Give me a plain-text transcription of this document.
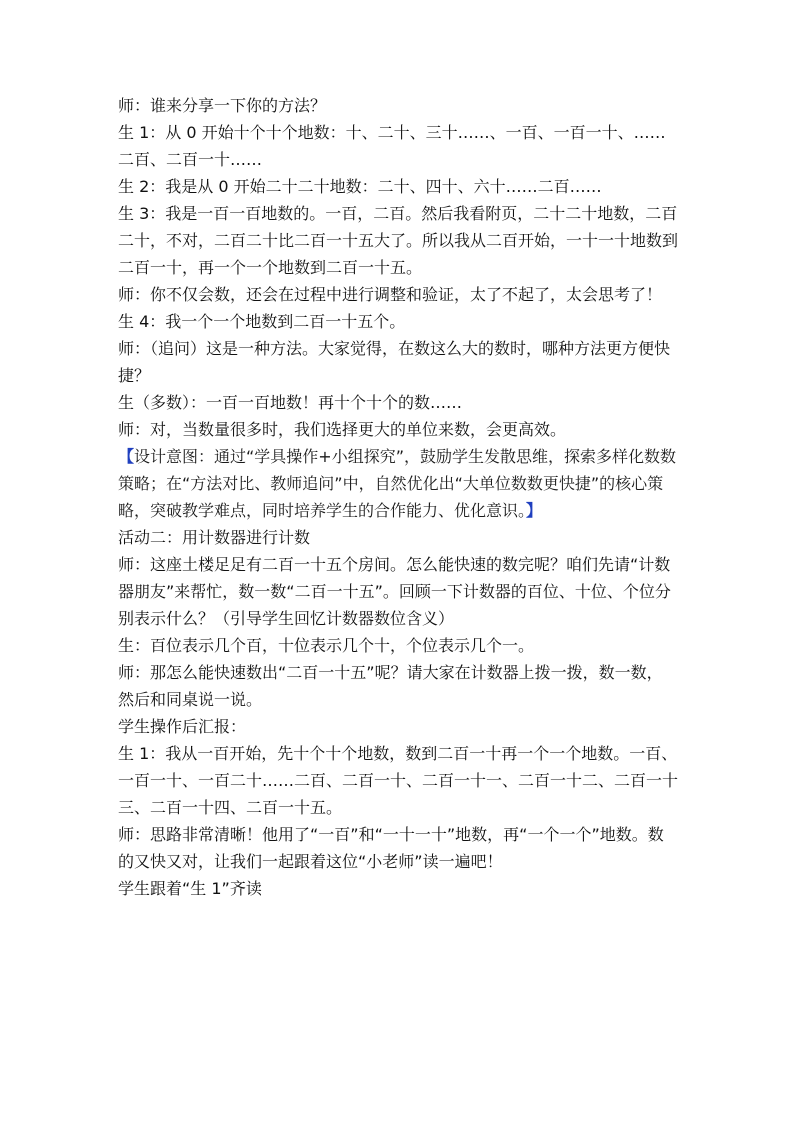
师：谁来分享一下你的方法？

生 1：从 0 开始十个十个地数：十、二十、三十……、一百、一百一十、……二百、二百一十……

生 2：我是从 0 开始二十二十地数：二十、四十、六十……二百……

生 3：我是一百一百地数的。一百，二百。然后我看附页，二十二十地数，二百二十，不对，二百二十比二百一十五大了。所以我从二百开始，一十一十地数到二百一十，再一个一个地数到二百一十五。

师：你不仅会数，还会在过程中进行调整和验证，太了不起了，太会思考了！

生 4：我一个一个地数到二百一十五个。

师：（追问）这是一种方法。大家觉得，在数这么大的数时，哪种方法更方便快捷？

生（多数）：一百一百地数！再十个十个的数……

师：对，当数量很多时，我们选择更大的单位来数，会更高效。

【设计意图：通过“学具操作+小组探究”，鼓励学生发散思维，探索多样化数数策略；在“方法对比、教师追问”中，自然优化出“大单位数数更快捷”的核心策略，突破教学难点，同时培养学生的合作能力、优化意识。】

活动二：用计数器进行计数

师：这座土楼足足有二百一十五个房间。怎么能快速的数完呢？咱们先请“计数器朋友”来帮忙，数一数“二百一十五”。回顾一下计数器的百位、十位、个位分别表示什么？（引导学生回忆计数器数位含义）

生：百位表示几个百，十位表示几个十，个位表示几个一。

师：那怎么能快速数出“二百一十五”呢？请大家在计数器上拨一拨，数一数，然后和同桌说一说。

学生操作后汇报：

生 1：我从一百开始，先十个十个地数，数到二百一十再一个一个地数。一百、一百一十、一百二十……二百、二百一十、二百一十一、二百一十二、二百一十三、二百一十四、二百一十五。

师：思路非常清晰！他用了“一百”和“一十一十”地数，再“一个一个”地数。数的又快又对，让我们一起跟着这位“小老师”读一遍吧！

学生跟着“生 1”齐读
